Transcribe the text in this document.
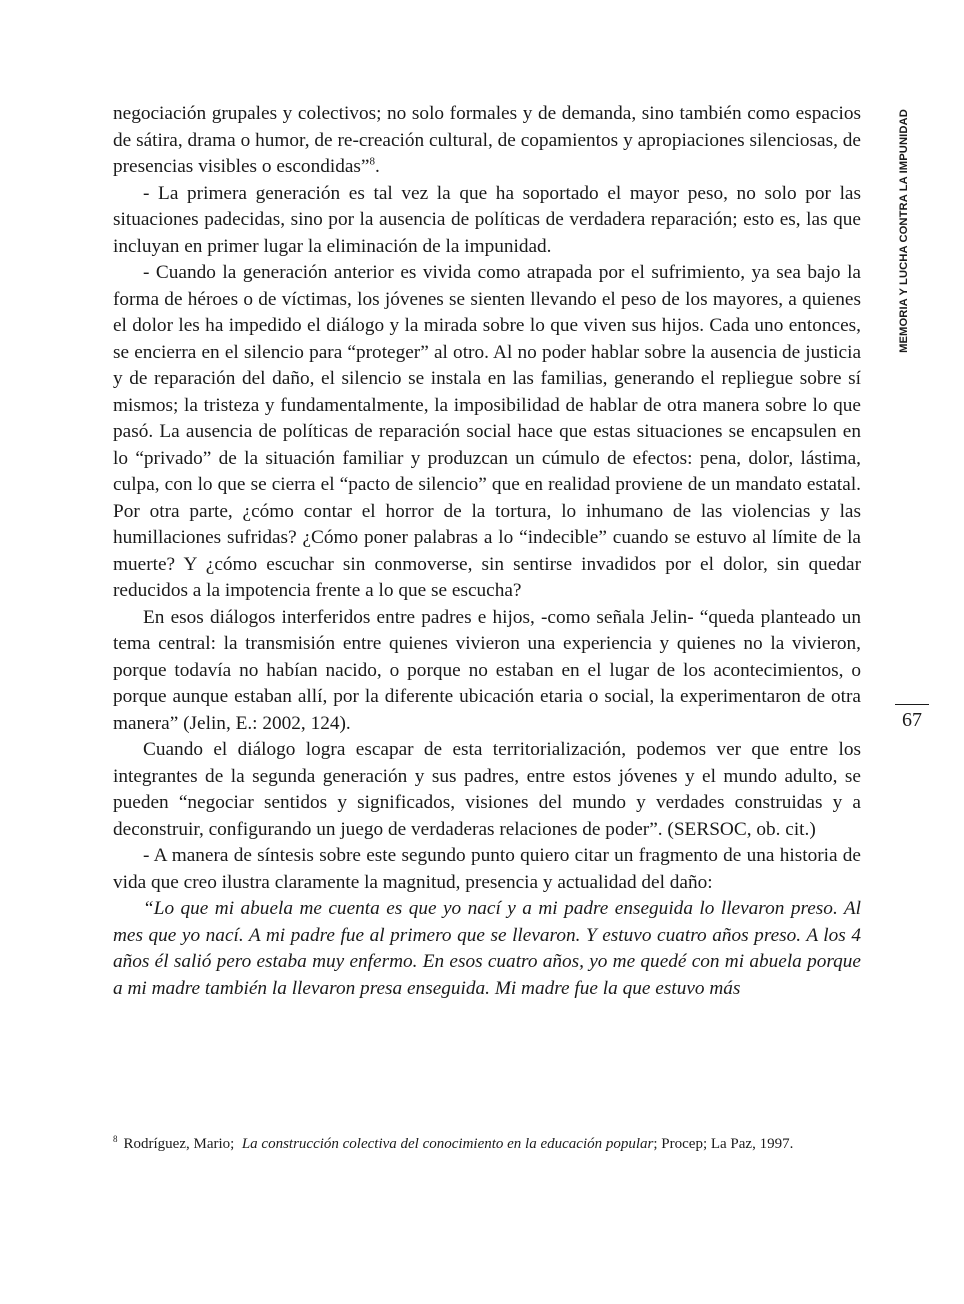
MEMORIA Y LUCHA CONTRA LA IMPUNIDAD
67

negociación grupales y colectivos; no solo formales y de demanda, sino también como espacios de sátira, drama o humor, de re-creación cultural, de copamientos y apropiaciones silenciosas, de presencias visibles o escondidas”$^8$.

- La primera generación es tal vez la que ha soportado el mayor peso, no solo por las situaciones padecidas, sino por la ausencia de políticas de verdadera reparación; esto es, las que incluyan en primer lugar la eliminación de la impunidad.

- Cuando la generación anterior es vivida como atrapada por el sufrimiento, ya sea bajo la forma de héroes o de víctimas, los jóvenes se sienten llevando el peso de los mayores, a quienes el dolor les ha impedido el diálogo y la mirada sobre lo que viven sus hijos. Cada uno entonces, se encierra en el silencio para “proteger” al otro. Al no poder hablar sobre la ausencia de justicia y de reparación del daño, el silencio se instala en las familias, generando el repliegue sobre sí mismos; la tristeza y fundamentalmente, la imposibilidad de hablar de otra manera sobre lo que pasó. La ausencia de políticas de reparación social hace que estas situaciones se encapsulen en lo “privado” de la situación familiar y produzcan un cúmulo de efectos: pena, dolor, lástima, culpa, con lo que se cierra el “pacto de silencio” que en realidad proviene de un mandato estatal. Por otra parte, ¿cómo contar el horror de la tortura, lo inhumano de las violencias y las humillaciones sufridas? ¿Cómo poner palabras a lo “indecible” cuando se estuvo al límite de la muerte? Y ¿cómo escuchar sin conmoverse, sin sentirse invadidos por el dolor, sin quedar reducidos a la impotencia frente a lo que se escucha?

En esos diálogos interferidos entre padres e hijos, -como señala Jelin- “queda planteado un tema central: la transmisión entre quienes vivieron una experiencia y quienes no la vivieron, porque todavía no habían nacido, o porque no estaban en el lugar de los acontecimientos, o porque aunque estaban allí, por la diferente ubicación etaria o social, la experimentaron de otra manera” (Jelin, E.: 2002, 124).

Cuando el diálogo logra escapar de esta territorialización, podemos ver que entre los integrantes de la segunda generación y sus padres, entre estos jóvenes y el mundo adulto, se pueden “negociar sentidos y significados, visiones del mundo y verdades construidas y a deconstruir, configurando un juego de verdaderas relaciones de poder”. (SERSOC, ob. cit.)

- A manera de síntesis sobre este segundo punto quiero citar un fragmento de una historia de vida que creo ilustra claramente la magnitud, presencia y actualidad del daño:

“Lo que mi abuela me cuenta es que yo nací y a mi padre enseguida lo llevaron preso. Al mes que yo nací. A mi padre fue al primero que se llevaron. Y estuvo cuatro años preso. A los 4 años él salió pero estaba muy enfermo. En esos cuatro años, yo me quedé con mi abuela porque a mi madre también la llevaron presa enseguida. Mi madre fue la que estuvo más

$^8$ Rodríguez, Mario; La construcción colectiva del conocimiento en la educación popular; Procep; La Paz, 1997.
